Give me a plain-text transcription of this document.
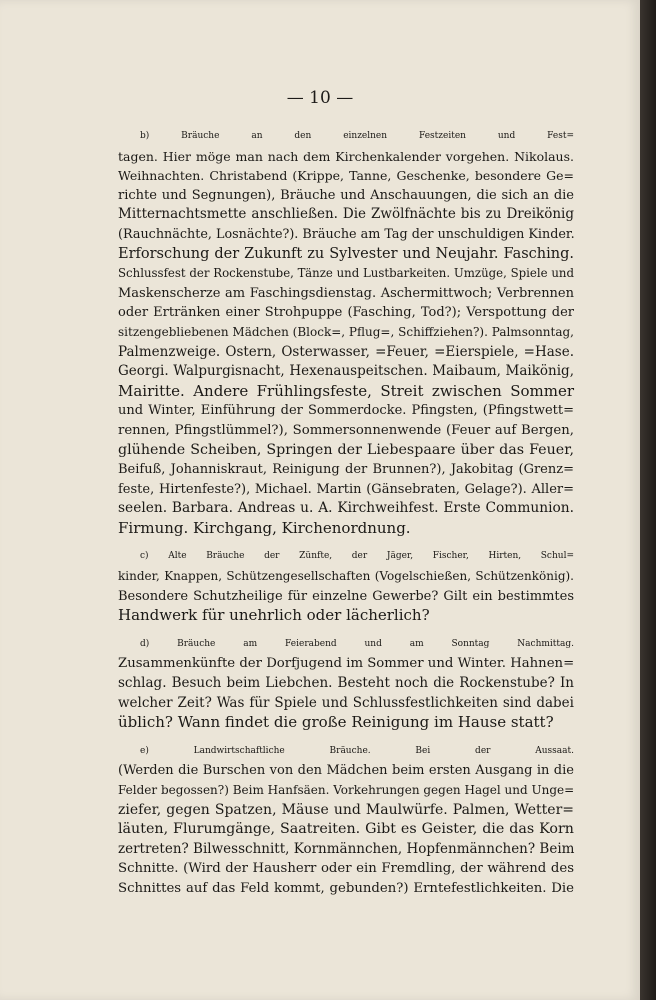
— 10 —
b) Bräuche an den einzelnen Festzeiten und Fest=
tagen. Hier möge man nach dem Kirchenkalender vorgehen. Nikolaus.
Weihnachten. Christabend (Krippe, Tanne, Geschenke, besondere Ge=
richte und Segnungen), Bräuche und Anschauungen, die sich an die
Mitternachtsmette anschließen. Die Zwölfnächte bis zu Dreikönig
(Rauchnächte, Losnächte?). Bräuche am Tag der unschuldigen Kinder.
Erforschung der Zukunft zu Sylvester und Neujahr. Fasching.
Schlussfest der Rockenstube, Tänze und Lustbarkeiten. Umzüge, Spiele und
Maskenscherze am Faschingsdienstag. Aschermittwoch; Verbrennen
oder Ertränken einer Strohpuppe (Fasching, Tod?); Verspottung der
sitzengebliebenen Mädchen (Block=, Pflug=, Schiffziehen?). Palmsonntag,
Palmenzweige. Ostern, Osterwasser, =Feuer, =Eierspiele, =Hase.
Georgi. Walpurgisnacht, Hexenauspeitschen. Maibaum, Maikönig,
Mairitte. Andere Frühlingsfeste, Streit zwischen Sommer
und Winter, Einführung der Sommerdocke. Pfingsten, (Pfingstwett=
rennen, Pfingstlümmel?), Sommersonnenwende (Feuer auf Bergen,
glühende Scheiben, Springen der Liebespaare über das Feuer,
Beifuß, Johanniskraut, Reinigung der Brunnen?), Jakobitag (Grenz=
feste, Hirtenfeste?), Michael. Martin (Gänsebraten, Gelage?). Aller=
seelen. Barbara. Andreas u. A. Kirchweihfest. Erste Communion.
Firmung. Kirchgang, Kirchenordnung.
c) Alte Bräuche der Zünfte, der Jäger, Fischer, Hirten, Schul=
kinder, Knappen, Schützengesellschaften (Vogelschießen, Schützenkönig).
Besondere Schutzheilige für einzelne Gewerbe? Gilt ein bestimmtes
Handwerk für unehrlich oder lächerlich?
d) Bräuche am Feierabend und am Sonntag Nachmittag.
Zusammenkünfte der Dorfjugend im Sommer und Winter. Hahnen=
schlag. Besuch beim Liebchen. Besteht noch die Rockenstube? In
welcher Zeit? Was für Spiele und Schlussfestlichkeiten sind dabei
üblich? Wann findet die große Reinigung im Hause statt?
e) Landwirtschaftliche Bräuche. Bei der Aussaat.
(Werden die Burschen von den Mädchen beim ersten Ausgang in die
Felder begossen?) Beim Hanfsäen. Vorkehrungen gegen Hagel und Unge=
ziefer, gegen Spatzen, Mäuse und Maulwürfe. Palmen, Wetter=
läuten, Flurumgänge, Saatreiten. Gibt es Geister, die das Korn
zertreten? Bilwesschnitt, Kornmännchen, Hopfenmännchen? Beim
Schnitte. (Wird der Hausherr oder ein Fremdling, der während des
Schnittes auf das Feld kommt, gebunden?) Erntefestlichkeiten. Die
